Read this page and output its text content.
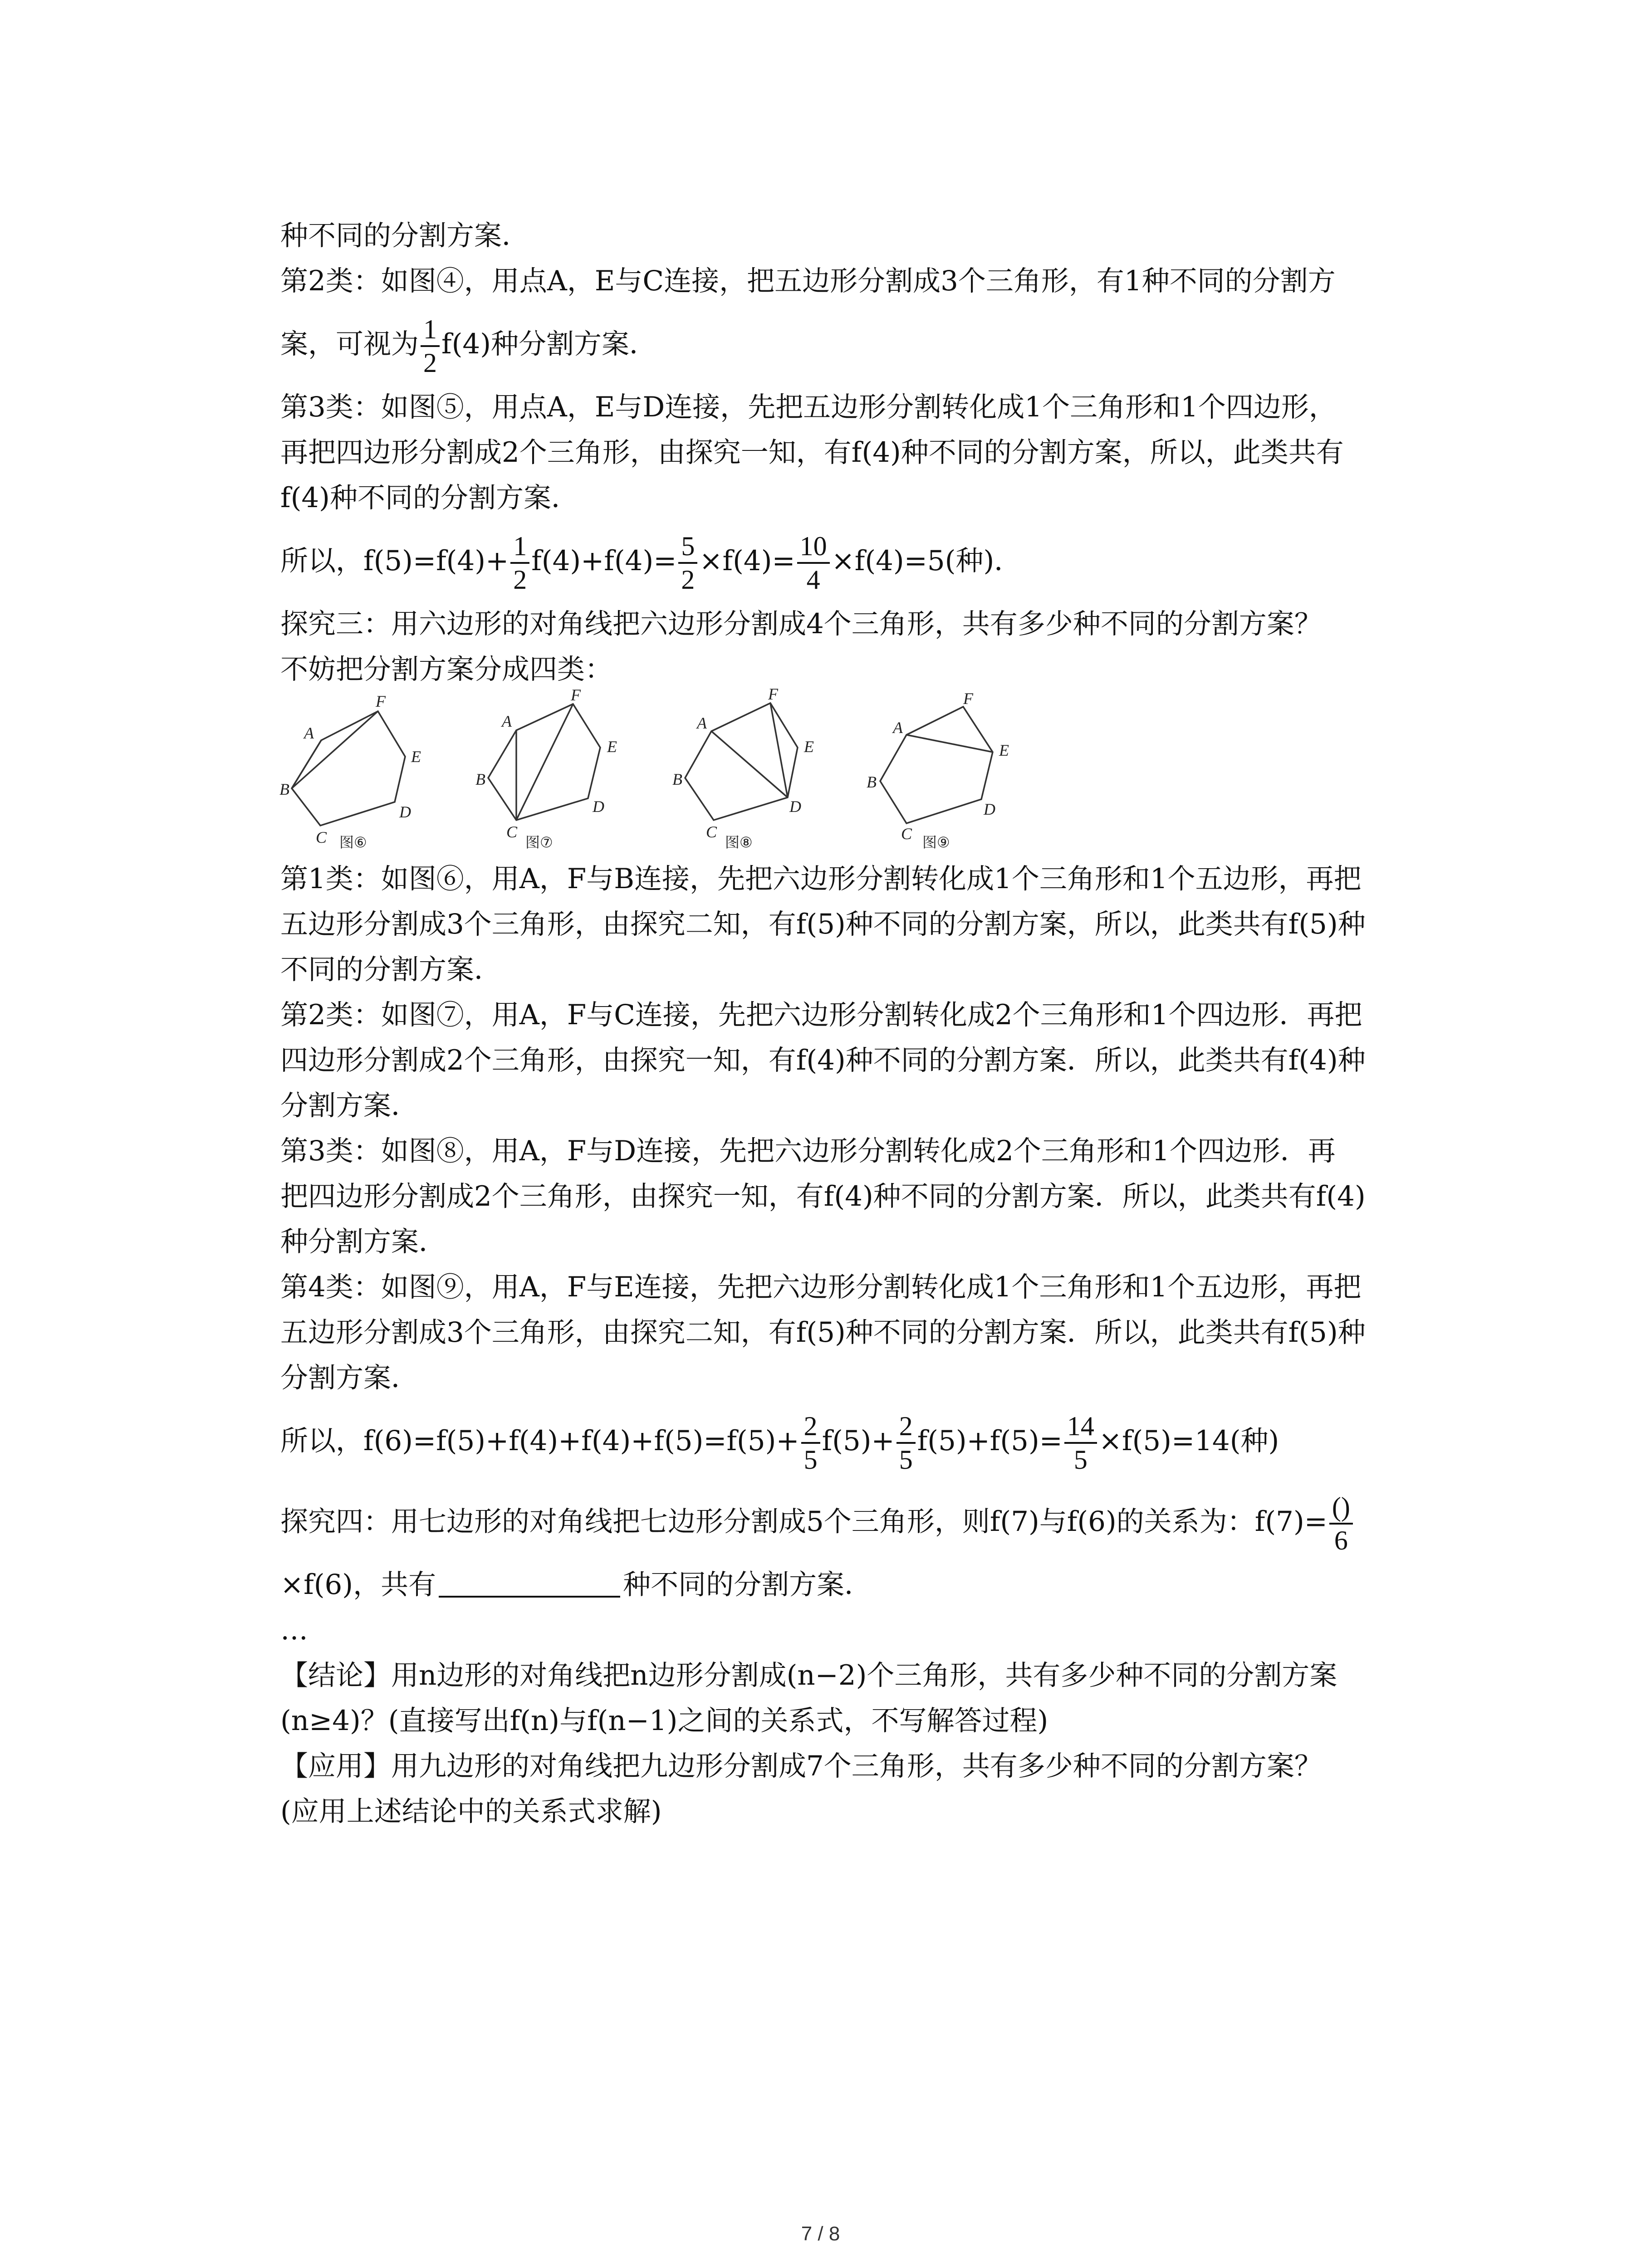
种不同的分割方案．

第2类：如图④，用点A，E与C连接，把五边形分割成3个三角形，有1种不同的分割方

案，可视为 $\frac{1}{2} f(4)$种分割方案．

第3类：如图⑤，用点A，E与D连接，先把五边形分割转化成1个三角形和1个四边形，

再把四边形分割成2个三角形，由探究一知，有f(4)种不同的分割方案，所以，此类共有

f(4)种不同的分割方案．

所以，$f(5)=f(4)+ \frac{1}{2} f(4)+f(4)= \frac{5}{2} \times f(4)= \frac{10}{4} \times f(4)=5$(种)．

探究三：用六边形的对角线把六边形分割成4个三角形，共有多少种不同的分割方案？

不妨把分割方案分成四类：

F
A
B
C
D
E
图⑥
F
A
B
C
D
E
图⑦
F
A
B
C
D
E
图⑧
F
A
B
C
D
E
图⑨

第1类：如图⑥，用A，F与B连接，先把六边形分割转化成1个三角形和1个五边形，再把

五边形分割成3个三角形，由探究二知，有f(5)种不同的分割方案，所以，此类共有f(5)种

不同的分割方案．

第2类：如图⑦，用A，F与C连接，先把六边形分割转化成2个三角形和1个四边形．再把

四边形分割成2个三角形，由探究一知，有f(4)种不同的分割方案．所以，此类共有f(4)种

分割方案．

第3类：如图⑧，用A，F与D连接，先把六边形分割转化成2个三角形和1个四边形．再

把四边形分割成2个三角形，由探究一知，有f(4)种不同的分割方案．所以，此类共有f(4)

种分割方案．

第4类：如图⑨，用A，F与E连接，先把六边形分割转化成1个三角形和1个五边形，再把

五边形分割成3个三角形，由探究二知，有f(5)种不同的分割方案．所以，此类共有f(5)种

分割方案．

所以，$f(6)=f(5)+f(4)+f(4)+f(5)=f(5)+ \frac{2}{5} f(5)+ \frac{2}{5} f(5)+f(5)= \frac{14}{5} \times f(5)=14$(种)

探究四：用七边形的对角线把七边形分割成5个三角形，则f(7)与f(6)的关系为：$f(7)= \frac{()}{6}$

×f(6)，共有	种不同的分割方案．

…

【结论】用n边形的对角线把n边形分割成(n−2)个三角形，共有多少种不同的分割方案

(n≥4)？(直接写出f(n)与f(n−1)之间的关系式，不写解答过程)

【应用】用九边形的对角线把九边形分割成7个三角形，共有多少种不同的分割方案？

(应用上述结论中的关系式求解)

7 / 8
